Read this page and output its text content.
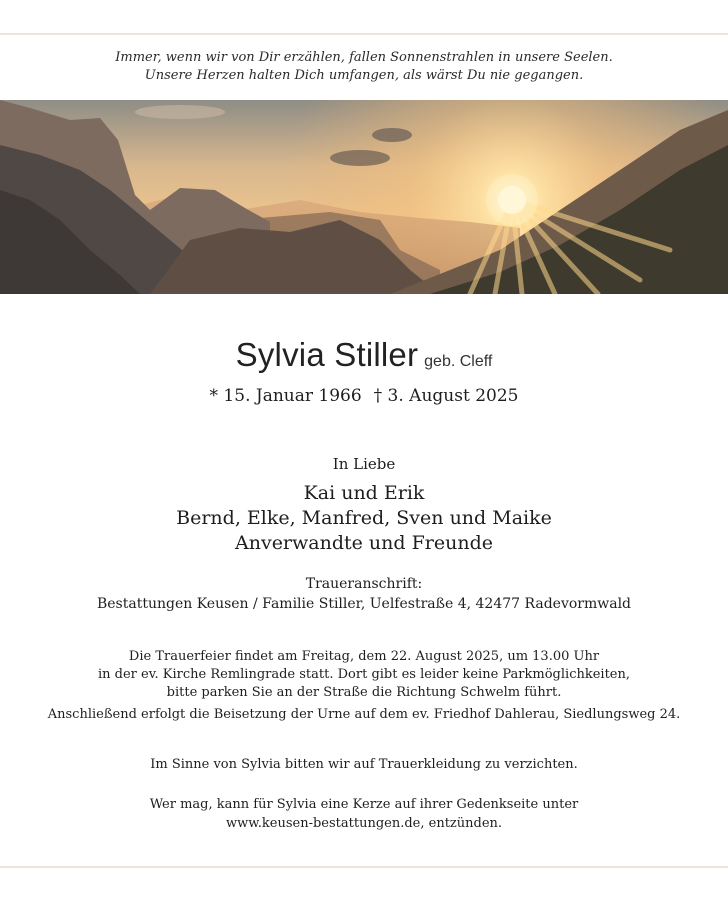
Immer, wenn wir von Dir erzählen, fallen Sonnenstrahlen in unsere Seelen.
Unsere Herzen halten Dich umfangen, als wärst Du nie gegangen.
Sylvia Stiller geb. Cleff
* 15. Januar 1966 † 3. August 2025
In Liebe
Kai und Erik
Bernd, Elke, Manfred, Sven und Maike
Anverwandte und Freunde
Traueranschrift:
Bestattungen Keusen / Familie Stiller, Uelfestraße 4, 42477 Radevormwald
Die Trauerfeier findet am Freitag, dem 22. August 2025, um 13.00 Uhr
in der ev. Kirche Remlingrade statt. Dort gibt es leider keine Parkmöglichkeiten,
bitte parken Sie an der Straße die Richtung Schwelm führt.
Anschließend erfolgt die Beisetzung der Urne auf dem ev. Friedhof Dahlerau, Siedlungsweg 24.
Im Sinne von Sylvia bitten wir auf Trauerkleidung zu verzichten.
Wer mag, kann für Sylvia eine Kerze auf ihrer Gedenkseite unter
www.keusen-bestattungen.de, entzünden.
